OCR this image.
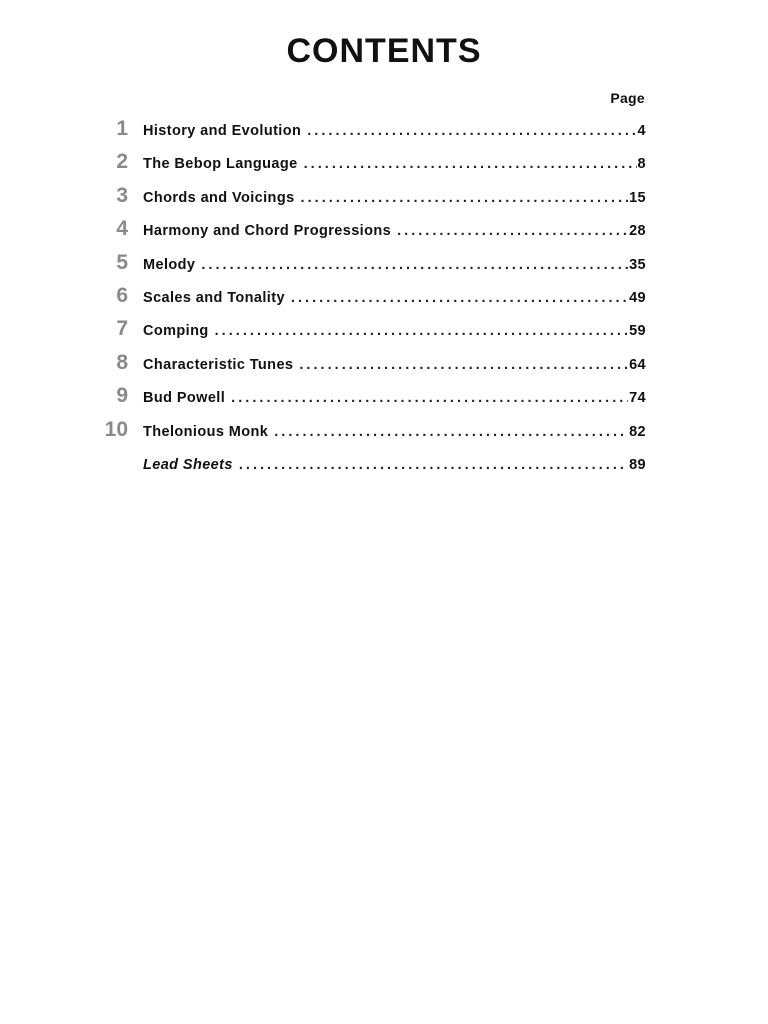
CONTENTS
Page
1 History and Evolution . . .	4
2 The Bebop Language . . .	8
3 Chords and Voicings . . .	15
4 Harmony and Chord Progressions . . .	28
5 Melody . . .	35
6 Scales and Tonality . . .	49
7 Comping . . .	59
8 Characteristic Tunes . . .	64
9 Bud Powell . . .	74
10 Thelonious Monk . . .	82
Lead Sheets . . .	89
